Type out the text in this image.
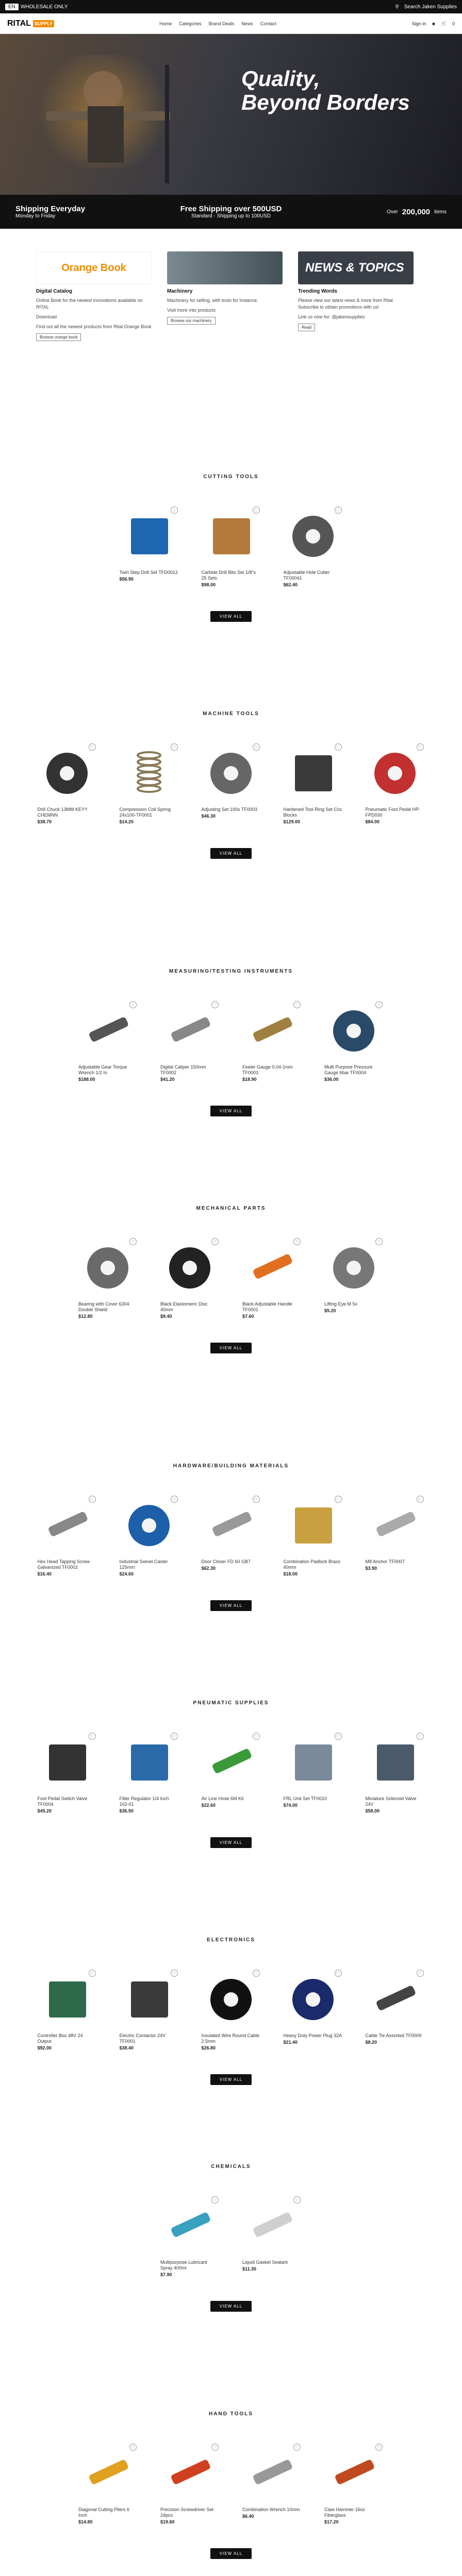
EN	WHOLESALE ONLY	⚲ Search Jaken Supplies
RITAL SUPPLY	Home Categories Brand Deals News Contact	Sign in ☻ 🛒 0
Quality,
Beyond Borders
Shipping Everyday
Monday to Friday
Free Shipping over 500USD
Standard - Shipping up to 100USD
Over 200,000 items
Orange Book
Digital Catalog

Online Book for the newest innovations available on RITAL

Download

Find out all the newest products from Rital Orange Book

Browse orange book
Machinery

Machinery for selling, with tools for instance.

Visit more into products

Browse our machinery
NEWS & TOPICS
Trending Words

Please view our latest news & more from Rital. Subscribe to obtain promotions with us!

Link us now for: @jakensupplies

Read
CUTTING TOOLS
♡
Twin Step Drill Set TFD0012
$56.90
♡
Carbide Drill Bits Set 1/8"x 25 Sets
$98.00
♡
Adjustable Hole Cutter TF00041
$62.40
VIEW ALL
MACHINE TOOLS
♡
Drill Chuck 13MM KEYY CHEMNN
$38.70
♡
Compression Coil Spring 24x100-TF0001
$14.20
♡
Adjusting Set 100x TF0003
$46.30
♡
Hardened Tool Ring Set Cnc Blocks
$129.00
♡
Pneumatic Foot Pedal HP-FPD030
$84.00
VIEW ALL
MEASURING/TESTING INSTRUMENTS
♡
Adjustable Gear Torque Wrench 1/2 In
$188.00
♡
Digital Caliper 150mm TF0002
$41.20
♡
Feeler Gauge 0.04-1mm TF0003
$18.90
♡
Multi Purpose Pressure Gauge 6bar TF0004
$36.00
VIEW ALL
MECHANICAL PARTS
♡
Bearing with Cover 6304 Double Shield
$12.80
♡
Black Elastomeric Disc 40mm
$9.40
♡
Black Adjustable Handle TF0001
$7.60
♡
Lifting Eye M 5x
$5.20
VIEW ALL
HARDWARE/BUILDING MATERIALS
♡
Hex Head Tapping Screw Galvanized TF0002
$16.40
♡
Industrial Swivel Caster 125mm
$24.60
♡
Door Closer FD 60 GB7
$62.30
♡
Combination Padlock Brass 40mm
$18.00
♡
M8 Anchor TF0007
$3.90
VIEW ALL
PNEUMATIC SUPPLIES
♡
Foot Pedal Switch Valve TF0004
$45.20
♡
Filter Regulator 1/4 Inch 102-01
$36.50
♡
Air Line Hose 6M Kit
$22.60
♡
FRL Unit Set TF0010
$74.00
♡
Miniature Solenoid Valve 24V
$58.00
VIEW ALL
ELECTRONICS
♡
Controller Box 48V 24 Output
$92.00
♡
Electric Contactor 24V TF0001
$38.40
♡
Insulated Wire Round Cable 2.5mm
$26.80
♡
Heavy Duty Power Plug 32A
$21.40
♡
Cable Tie Assorted TF0009
$8.20
VIEW ALL
CHEMICALS
♡
Multipurpose Lubricant Spray 400ml
$7.90
♡
Liquid Gasket Sealant
$11.30
VIEW ALL
HAND TOOLS
♡
Diagonal Cutting Pliers 6 Inch
$14.80
♡
Precision Screwdriver Set 24pcs
$19.60
♡
Combination Wrench 10mm
$6.40
♡
Claw Hammer 16oz Fiberglass
$17.20
VIEW ALL
